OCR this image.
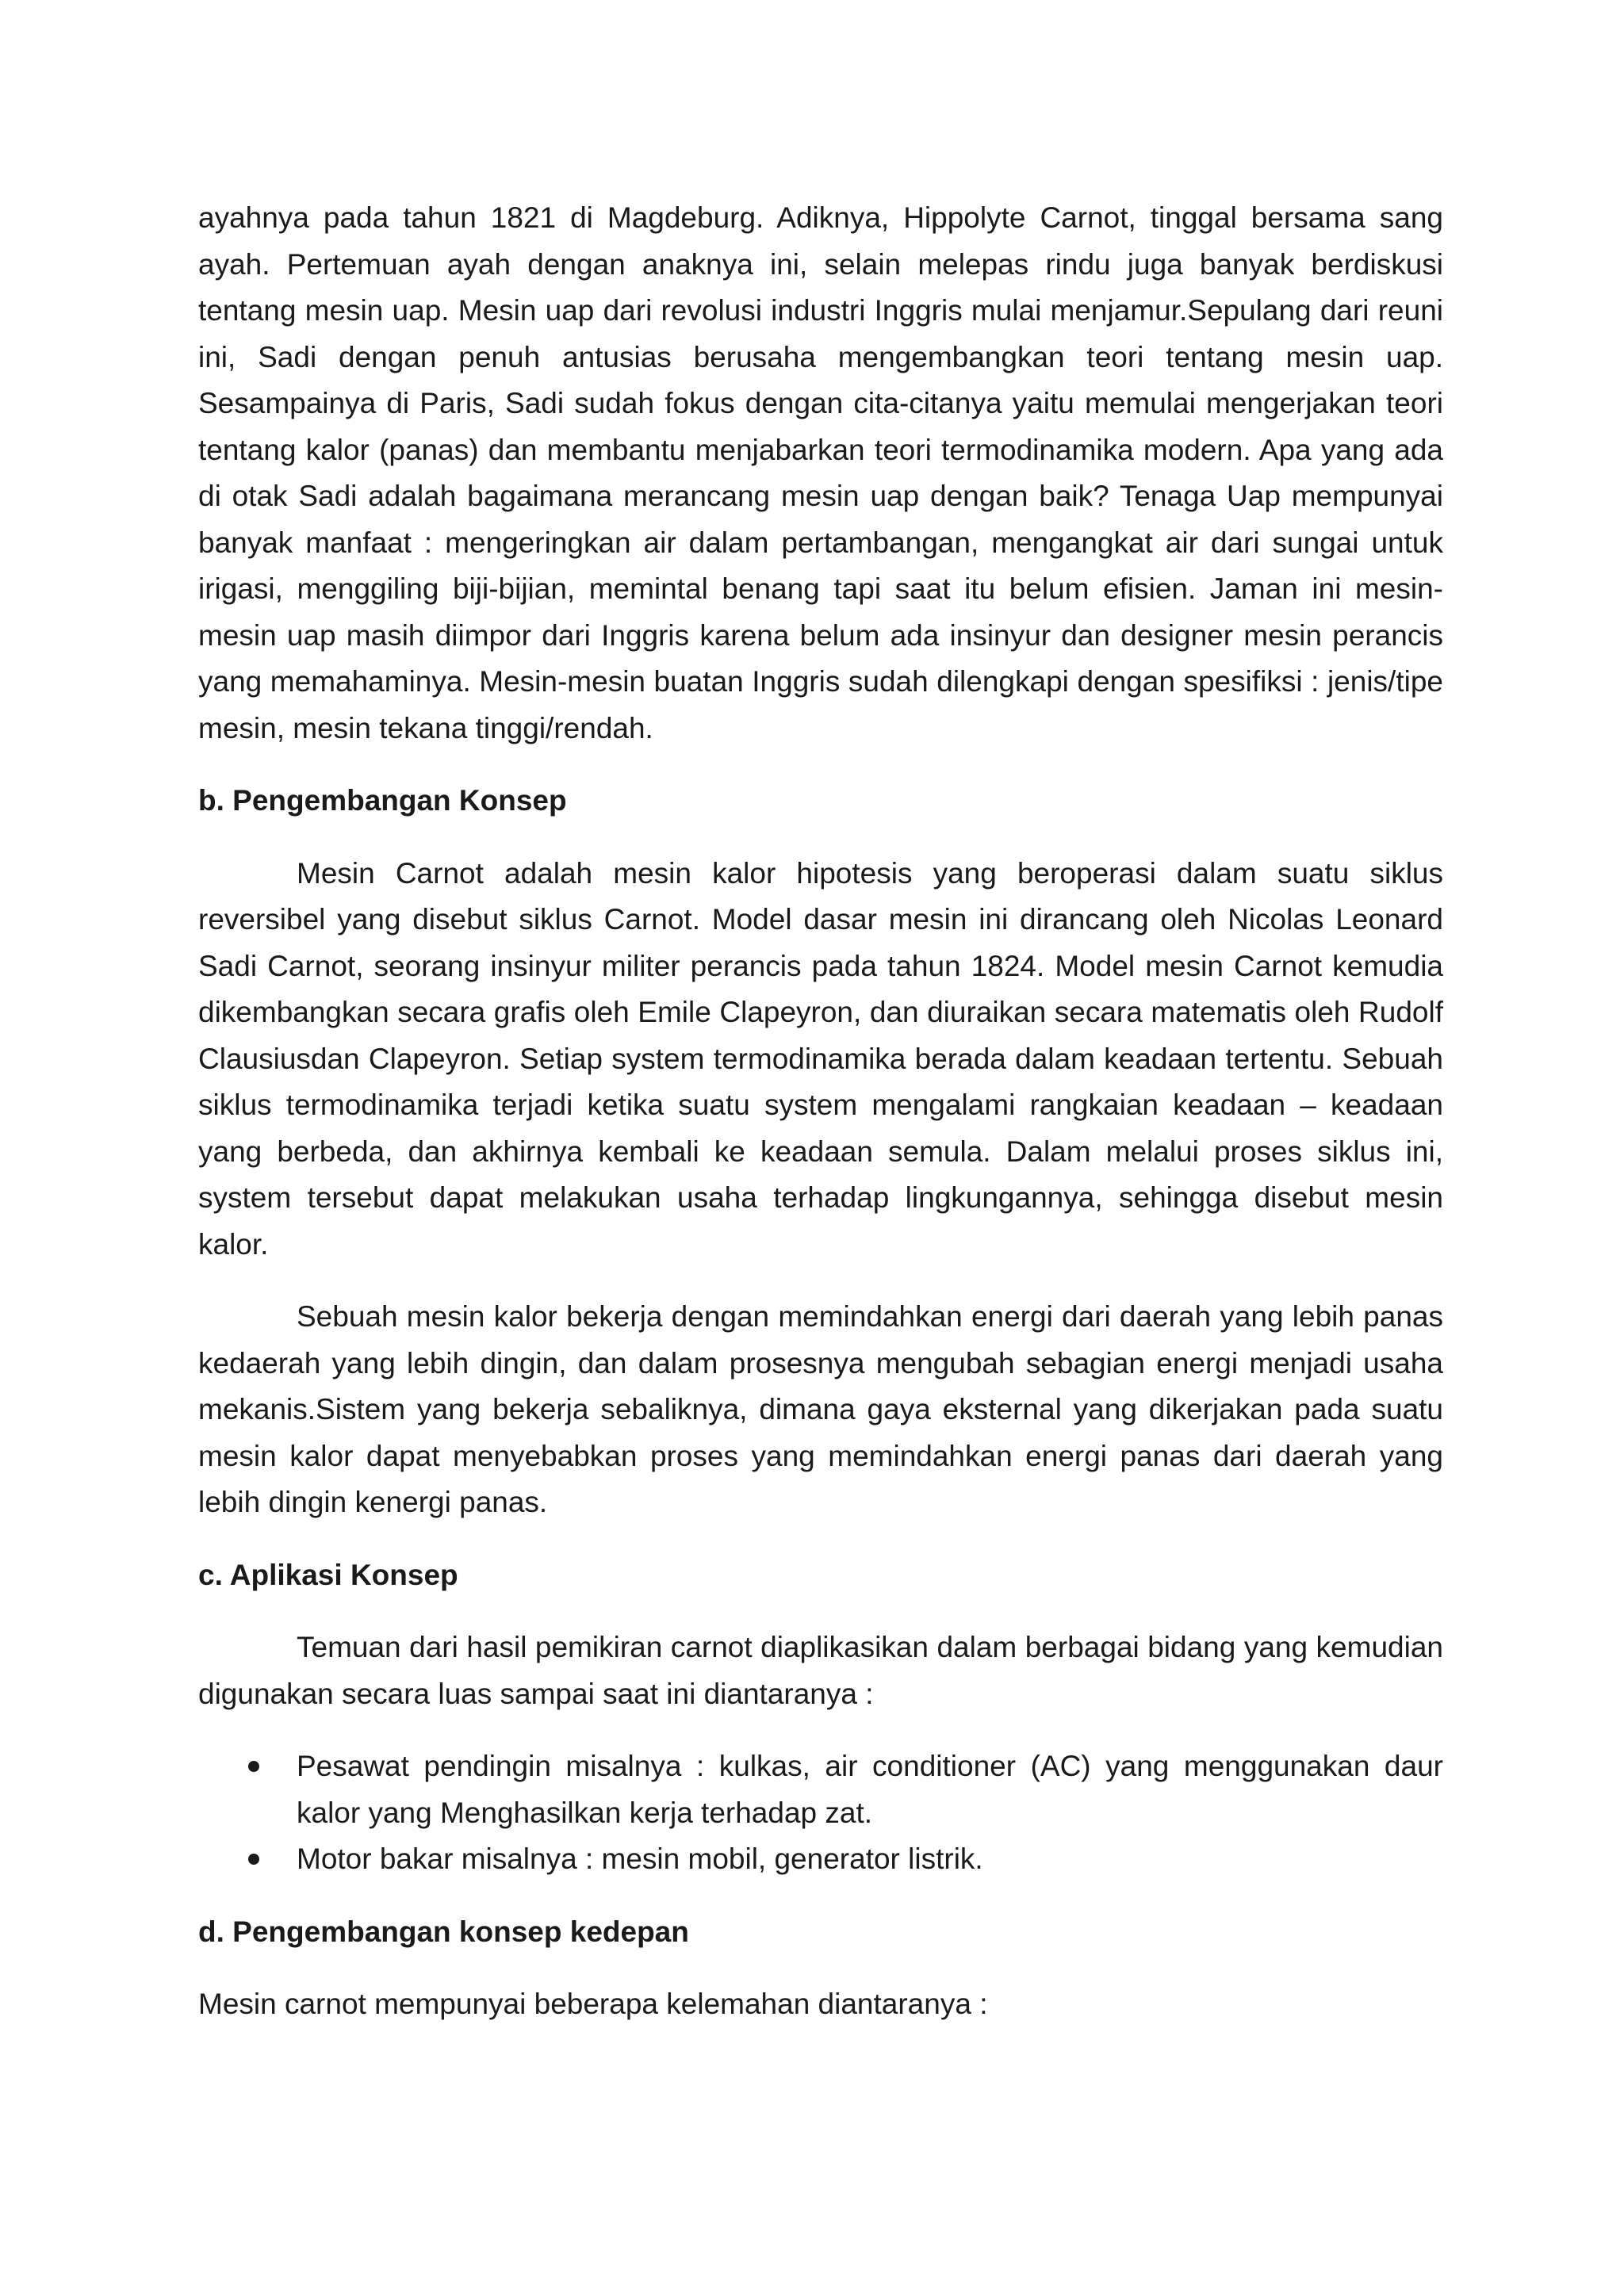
ayahnya pada tahun 1821 di Magdeburg. Adiknya, Hippolyte Carnot, tinggal bersama sang ayah. Pertemuan ayah dengan anaknya ini, selain melepas rindu juga banyak berdiskusi tentang mesin uap. Mesin uap dari revolusi industri Inggris mulai menjamur.Sepulang dari reuni ini, Sadi dengan penuh antusias berusaha mengembangkan teori tentang mesin uap. Sesampainya di Paris, Sadi sudah fokus dengan cita-citanya yaitu memulai mengerjakan teori tentang kalor (panas) dan membantu menjabarkan teori termodinamika modern. Apa yang ada di otak Sadi adalah bagaimana merancang mesin uap dengan baik? Tenaga Uap mempunyai banyak manfaat : mengeringkan air dalam pertambangan, mengangkat air dari sungai untuk irigasi, menggiling biji-bijian, memintal benang tapi saat itu belum efisien. Jaman ini mesin-mesin uap masih diimpor dari Inggris karena belum ada insinyur dan designer mesin perancis yang memahaminya. Mesin-mesin buatan Inggris sudah dilengkapi dengan spesifiksi : jenis/tipe mesin, mesin tekana tinggi/rendah.

b. Pengembangan Konsep

Mesin Carnot adalah mesin kalor hipotesis yang beroperasi dalam suatu siklus reversibel yang disebut siklus Carnot. Model dasar mesin ini dirancang oleh Nicolas Leonard Sadi Carnot, seorang insinyur militer perancis pada tahun 1824. Model mesin Carnot kemudia dikembangkan secara grafis oleh Emile Clapeyron, dan diuraikan secara matematis oleh Rudolf Clausiusdan Clapeyron. Setiap system termodinamika berada dalam keadaan tertentu. Sebuah siklus termodinamika terjadi ketika suatu system mengalami rangkaian keadaan – keadaan yang berbeda, dan akhirnya kembali ke keadaan semula. Dalam melalui proses siklus ini, system tersebut dapat melakukan usaha terhadap lingkungannya, sehingga disebut mesin kalor.

Sebuah mesin kalor bekerja dengan memindahkan energi dari daerah yang lebih panas kedaerah yang lebih dingin, dan dalam prosesnya mengubah sebagian energi menjadi usaha mekanis.Sistem yang bekerja sebaliknya, dimana gaya eksternal yang dikerjakan pada suatu mesin kalor dapat menyebabkan proses yang memindahkan energi panas dari daerah yang lebih dingin kenergi panas.

c. Aplikasi Konsep

Temuan dari hasil pemikiran carnot diaplikasikan dalam berbagai bidang yang kemudian digunakan secara luas sampai saat ini diantaranya :

Pesawat pendingin misalnya : kulkas, air conditioner (AC) yang menggunakan daur kalor yang Menghasilkan kerja terhadap zat.
Motor bakar misalnya : mesin mobil, generator listrik.
d. Pengembangan konsep kedepan

Mesin carnot mempunyai beberapa kelemahan diantaranya :
